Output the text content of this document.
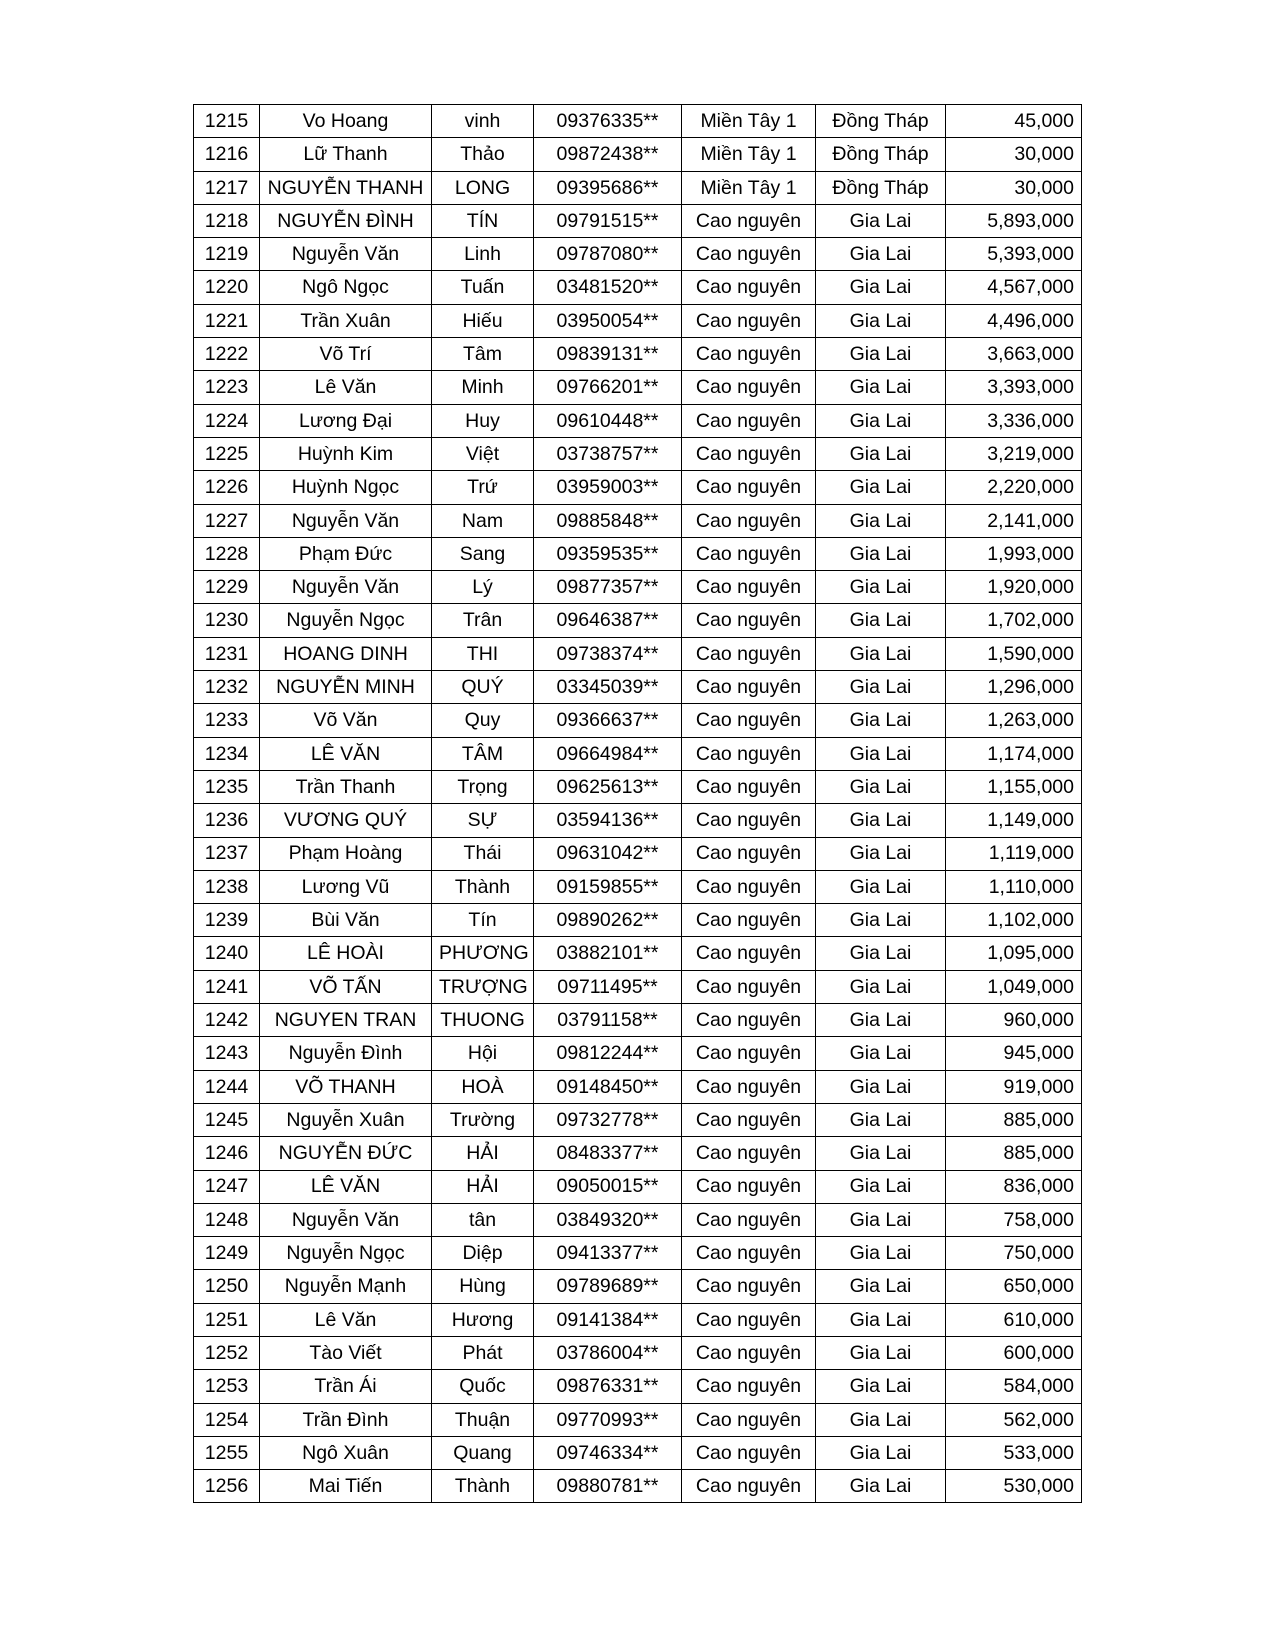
1215	Vo Hoang	vinh	09376335**	Miền Tây 1	Đồng Tháp	45,000
1216	Lữ Thanh	Thảo	09872438**	Miền Tây 1	Đồng Tháp	30,000
1217	NGUYỄN THANH	LONG	09395686**	Miền Tây 1	Đồng Tháp	30,000
1218	NGUYỄN ĐÌNH	TÍN	09791515**	Cao nguyên	Gia Lai	5,893,000
1219	Nguyễn Văn	Linh	09787080**	Cao nguyên	Gia Lai	5,393,000
1220	Ngô Ngọc	Tuấn	03481520**	Cao nguyên	Gia Lai	4,567,000
1221	Trần Xuân	Hiếu	03950054**	Cao nguyên	Gia Lai	4,496,000
1222	Võ Trí	Tâm	09839131**	Cao nguyên	Gia Lai	3,663,000
1223	Lê Văn	Minh	09766201**	Cao nguyên	Gia Lai	3,393,000
1224	Lương Đại	Huy	09610448**	Cao nguyên	Gia Lai	3,336,000
1225	Huỳnh Kim	Việt	03738757**	Cao nguyên	Gia Lai	3,219,000
1226	Huỳnh Ngọc	Trứ	03959003**	Cao nguyên	Gia Lai	2,220,000
1227	Nguyễn Văn	Nam	09885848**	Cao nguyên	Gia Lai	2,141,000
1228	Phạm Đức	Sang	09359535**	Cao nguyên	Gia Lai	1,993,000
1229	Nguyễn Văn	Lý	09877357**	Cao nguyên	Gia Lai	1,920,000
1230	Nguyễn Ngọc	Trân	09646387**	Cao nguyên	Gia Lai	1,702,000
1231	HOANG DINH	THI	09738374**	Cao nguyên	Gia Lai	1,590,000
1232	NGUYỄN MINH	QUÝ	03345039**	Cao nguyên	Gia Lai	1,296,000
1233	Võ Văn	Quy	09366637**	Cao nguyên	Gia Lai	1,263,000
1234	LÊ VĂN	TÂM	09664984**	Cao nguyên	Gia Lai	1,174,000
1235	Trần Thanh	Trọng	09625613**	Cao nguyên	Gia Lai	1,155,000
1236	VƯƠNG QUÝ	SỰ	03594136**	Cao nguyên	Gia Lai	1,149,000
1237	Phạm Hoàng	Thái	09631042**	Cao nguyên	Gia Lai	1,119,000
1238	Lương Vũ	Thành	09159855**	Cao nguyên	Gia Lai	1,110,000
1239	Bùi Văn	Tín	09890262**	Cao nguyên	Gia Lai	1,102,000
1240	LÊ HOÀI	PHƯƠNG	03882101**	Cao nguyên	Gia Lai	1,095,000
1241	VÕ TẤN	TRƯỢNG	09711495**	Cao nguyên	Gia Lai	1,049,000
1242	NGUYEN TRAN	THUONG	03791158**	Cao nguyên	Gia Lai	960,000
1243	Nguyễn Đình	Hội	09812244**	Cao nguyên	Gia Lai	945,000
1244	VÕ THANH	HOÀ	09148450**	Cao nguyên	Gia Lai	919,000
1245	Nguyễn Xuân	Trường	09732778**	Cao nguyên	Gia Lai	885,000
1246	NGUYỄN ĐỨC	HẢI	08483377**	Cao nguyên	Gia Lai	885,000
1247	LÊ VĂN	HẢI	09050015**	Cao nguyên	Gia Lai	836,000
1248	Nguyễn Văn	tân	03849320**	Cao nguyên	Gia Lai	758,000
1249	Nguyễn Ngọc	Diệp	09413377**	Cao nguyên	Gia Lai	750,000
1250	Nguyễn Mạnh	Hùng	09789689**	Cao nguyên	Gia Lai	650,000
1251	Lê Văn	Hương	09141384**	Cao nguyên	Gia Lai	610,000
1252	Tào Viết	Phát	03786004**	Cao nguyên	Gia Lai	600,000
1253	Trần Ái	Quốc	09876331**	Cao nguyên	Gia Lai	584,000
1254	Trần Đình	Thuận	09770993**	Cao nguyên	Gia Lai	562,000
1255	Ngô Xuân	Quang	09746334**	Cao nguyên	Gia Lai	533,000
1256	Mai Tiến	Thành	09880781**	Cao nguyên	Gia Lai	530,000
